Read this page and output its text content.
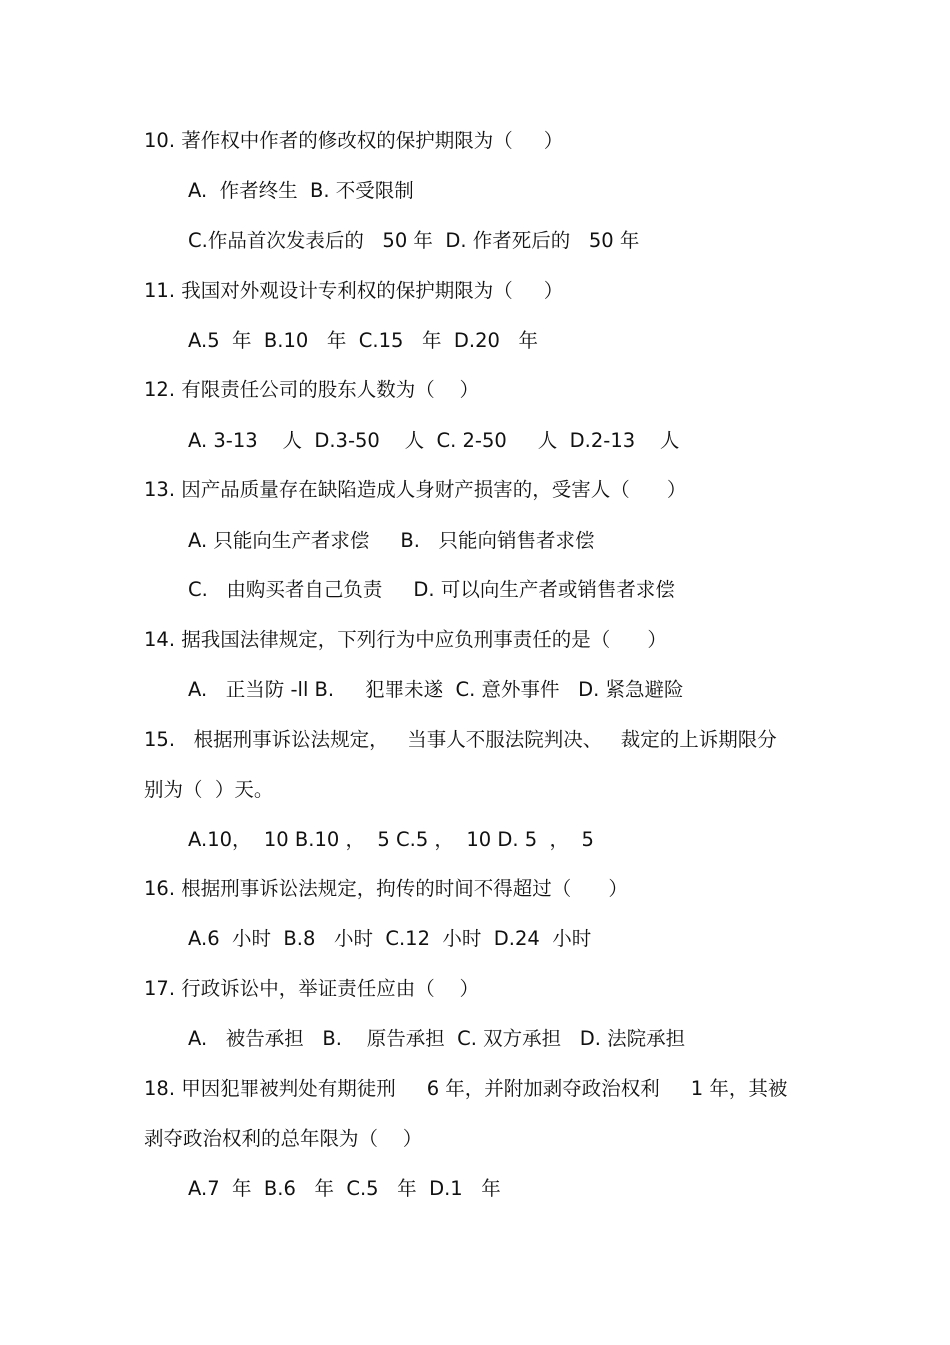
10. 著作权中作者的修改权的保护期限为（     ）
A.  作者终生  B. 不受限制
C.作品首次发表后的   50 年  D. 作者死后的   50 年
11. 我国对外观设计专利权的保护期限为（     ）
A.5  年  B.10   年  C.15   年  D.20   年
12. 有限责任公司的股东人数为（    ）
A. 3-13    人  D.3-50    人  C. 2-50     人  D.2-13    人
13. 因产品质量存在缺陷造成人身财产损害的，受害人（      ）
A. 只能向生产者求偿     B.   只能向销售者求偿
C.   由购买者自己负责     D. 可以向生产者或销售者求偿
14. 据我国法律规定，下列行为中应负刑事责任的是（      ）
A.   正当防 -ll B.     犯罪未遂  C. 意外事件   D. 紧急避险
15.   根据刑事诉讼法规定，   当事人不服法院判决、   裁定的上诉期限分
别为（  ）天。
A.10，  10 B.10 ，  5 C.5 ，  10 D. 5  ，  5
16. 根据刑事诉讼法规定，拘传的时间不得超过（      ）
A.6  小时  B.8   小时  C.12  小时  D.24  小时
17. 行政诉讼中，举证责任应由（    ）
A.   被告承担   B.    原告承担  C. 双方承担   D. 法院承担
18. 甲因犯罪被判处有期徒刑     6 年，并附加剥夺政治权利     1 年，其被
剥夺政治权利的总年限为（    ）
A.7  年  B.6   年  C.5   年  D.1   年
